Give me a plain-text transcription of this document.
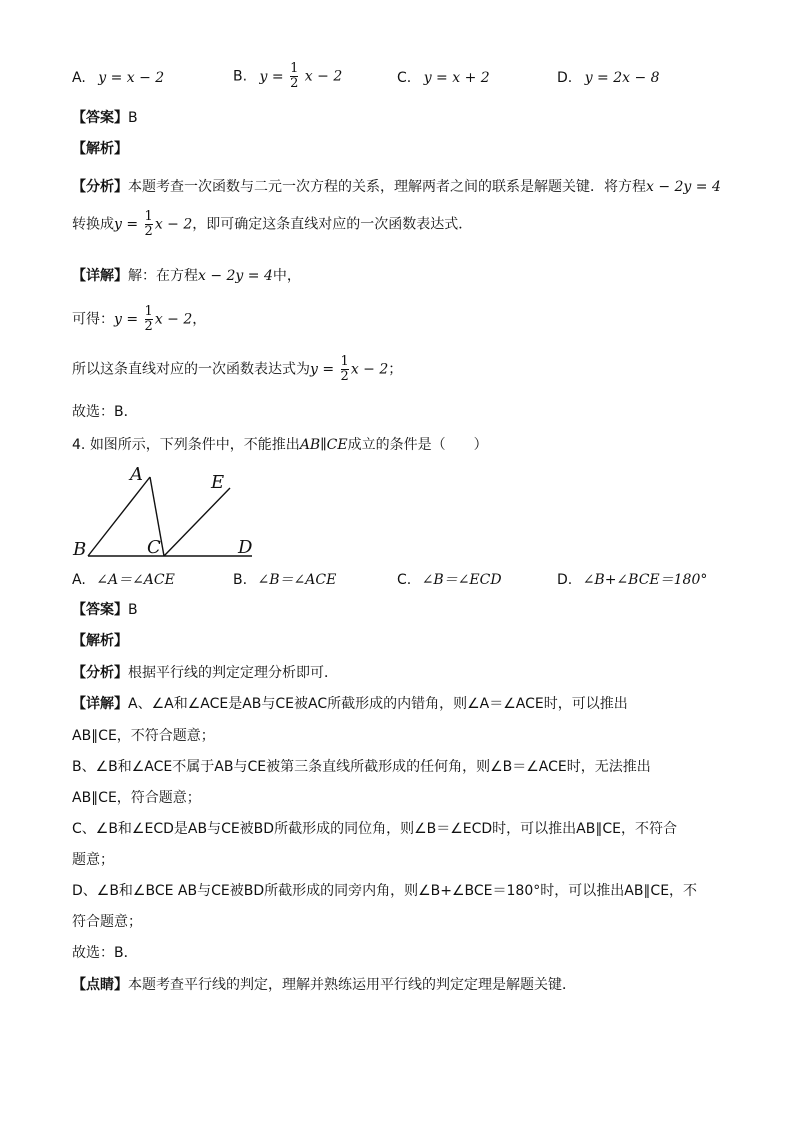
A. y = x − 2	B. $y = \frac{1}{2}$ x − 2	C. y = x + 2	D. y = 2x − 8
【答案】B
【解析】
【分析】本题考查一次函数与二元一次方程的关系，理解两者之间的联系是解题关键．将方程x − 2y = 4
转换成$y = \frac{1}{2}$ x − 2，即可确定这条直线对应的一次函数表达式．
【详解】解：在方程x − 2y = 4中，
可得：$y = \frac{1}{2}$ x − 2，
所以这条直线对应的一次函数表达式为$y = \frac{1}{2}$ x − 2；
故选：B．
4. 如图所示，下列条件中，不能推出AB∥CE成立的条件是（　　）
A	E
B	C	D
A. ∠A＝∠ACE	B. ∠B＝∠ACE	C. ∠B＝∠ECD	D. ∠B+∠BCE＝180°
【答案】B
【解析】
【分析】根据平行线的判定定理分析即可．
【详解】A、∠A和∠ACE是AB与CE被AC所截形成的内错角，则∠A＝∠ACE时，可以推出
AB∥CE，不符合题意；
B、∠B和∠ACE不属于AB与CE被第三条直线所截形成的任何角，则∠B＝∠ACE时，无法推出
AB∥CE，符合题意；
C、∠B和∠ECD是AB与CE被BD所截形成的同位角，则∠B＝∠ECD时，可以推出AB∥CE，不符合
题意；
D、∠B和∠BCE AB与CE被BD所截形成的同旁内角，则∠B+∠BCE＝180°时，可以推出AB∥CE，不
符合题意；
故选：B．
【点睛】本题考查平行线的判定，理解并熟练运用平行线的判定定理是解题关键．
